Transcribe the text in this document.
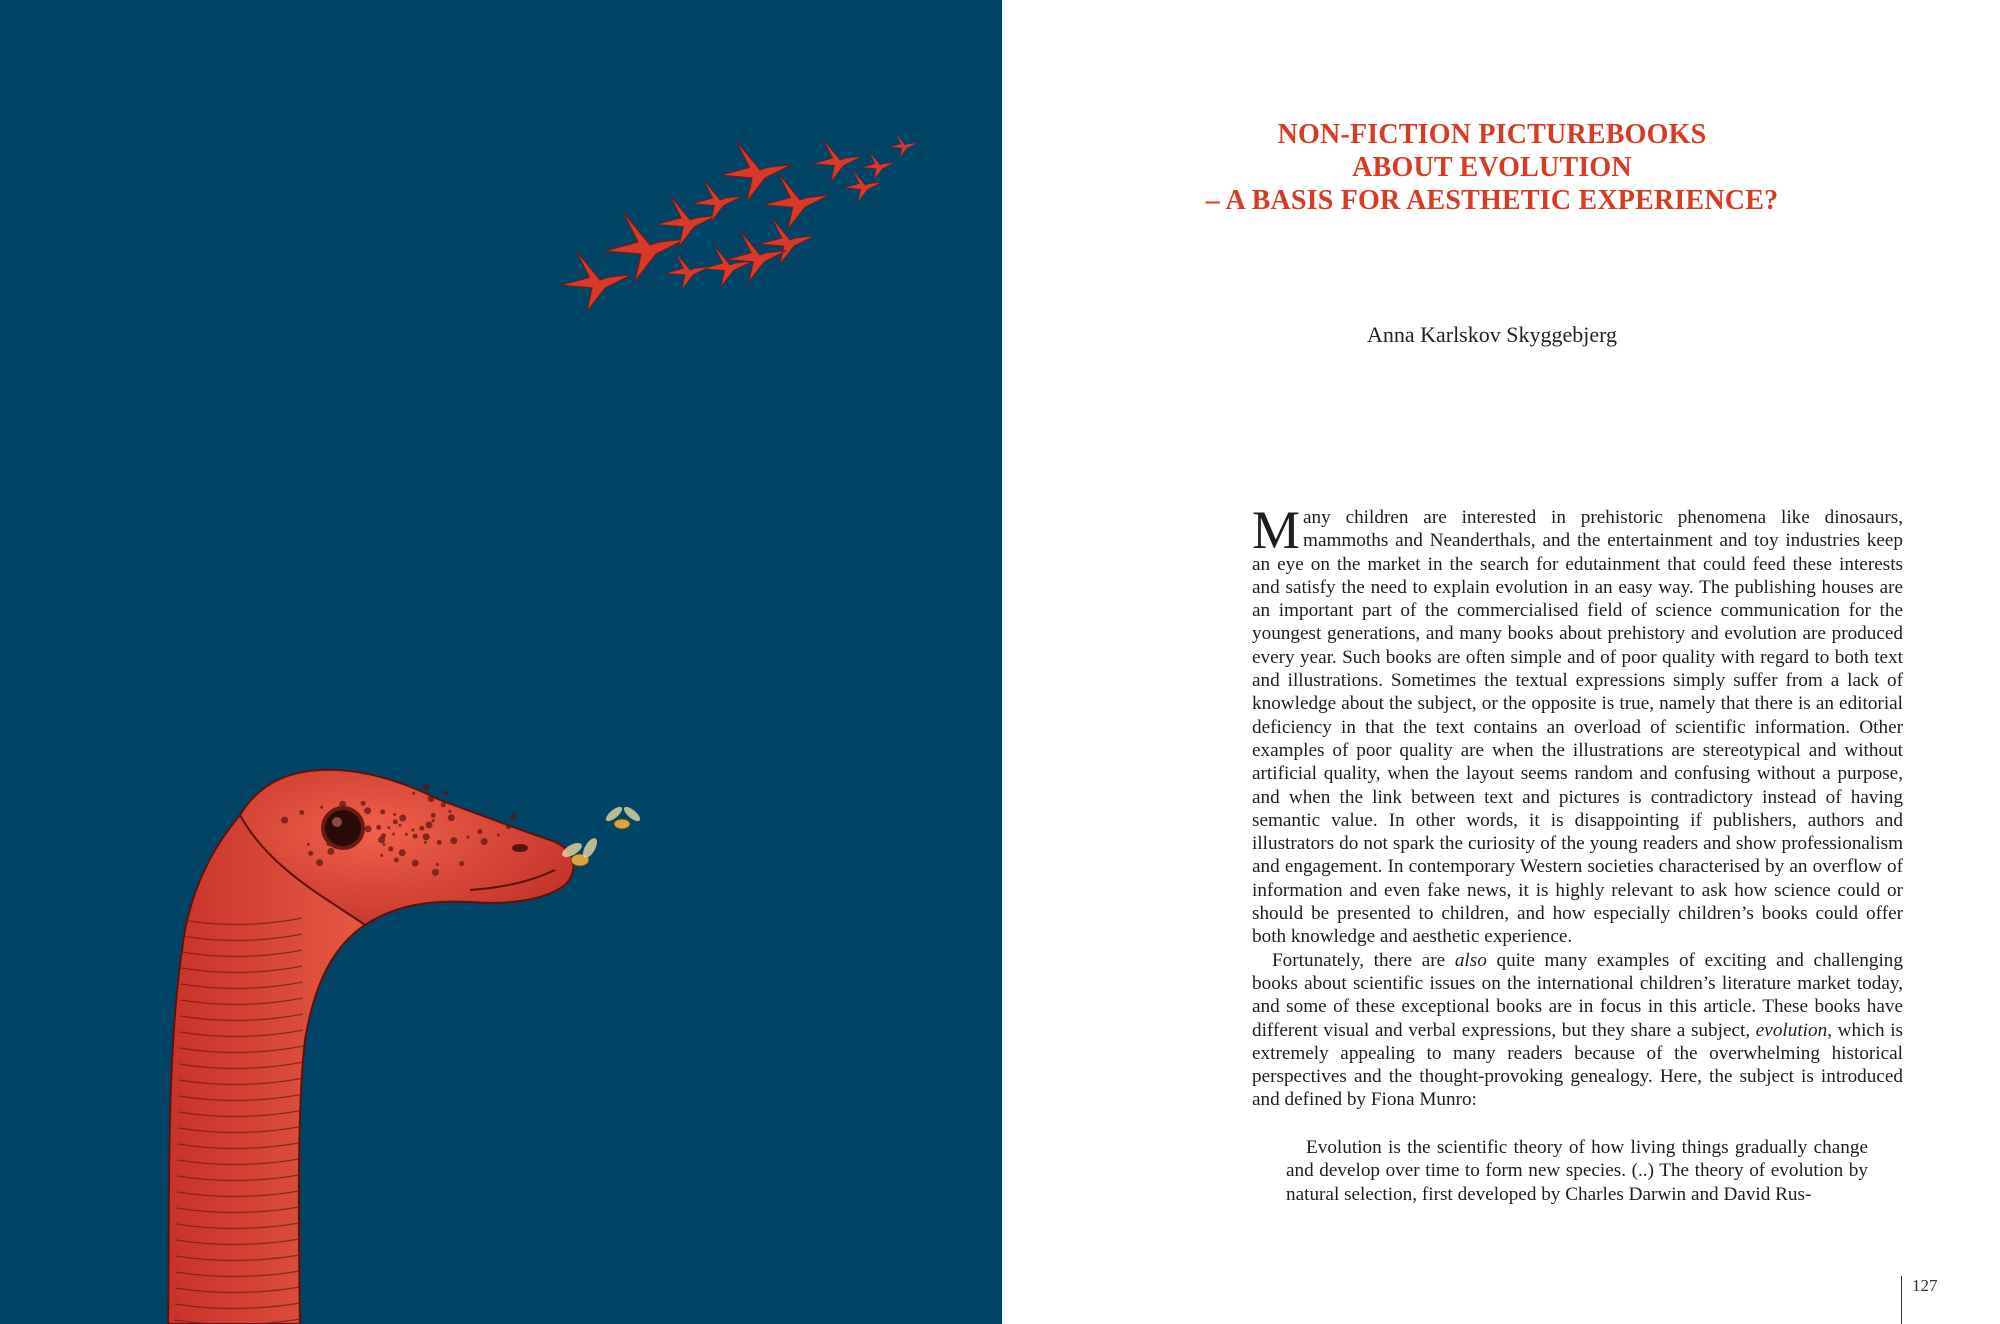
NON-FICTION PICTUREBOOKS
ABOUT EVOLUTION
– A BASIS FOR AESTHETIC EXPERIENCE?
Anna Karlskov Skyggebjerg

Many children are interested in prehistoric phenomena like dinosaurs, mammoths and Neanderthals, and the entertainment and toy industries keep an eye on the market in the search for edutainment that could feed these interests and satisfy the need to explain evolution in an easy way. The publishing houses are an important part of the commercialised field of science communication for the youngest generations, and many books about prehistory and evolution are produced every year. Such books are often simple and of poor quality with regard to both text and illustrations. Sometimes the textual expressions simply suffer from a lack of knowledge about the subject, or the opposite is true, namely that there is an editorial deficiency in that the text contains an overload of scientific information. Other examples of poor quality are when the illustrations are stereotypical and without artificial quality, when the layout seems random and confusing without a purpose, and when the link between text and pictures is contradictory instead of having semantic value. In other words, it is disappointing if publishers, authors and illustrators do not spark the curiosity of the young readers and show professionalism and engagement. In contemporary Western societies characterised by an overflow of information and even fake news, it is highly relevant to ask how science could or should be presented to children, and how especially children’s books could offer both knowledge and aesthetic experience.

Fortunately, there are also quite many examples of exciting and challenging books about scientific issues on the international children’s literature market today, and some of these exceptional books are in focus in this article. These books have different visual and verbal expressions, but they share a subject, evolution, which is extremely appealing to many readers because of the overwhelming historical perspectives and the thought-provoking genealogy. Here, the subject is introduced and defined by Fiona Munro:

Evolution is the scientific theory of how living things gradually change and develop over time to form new species. (..) The theory of evolution by natural selection, first developed by Charles Darwin and David Rus-
127
